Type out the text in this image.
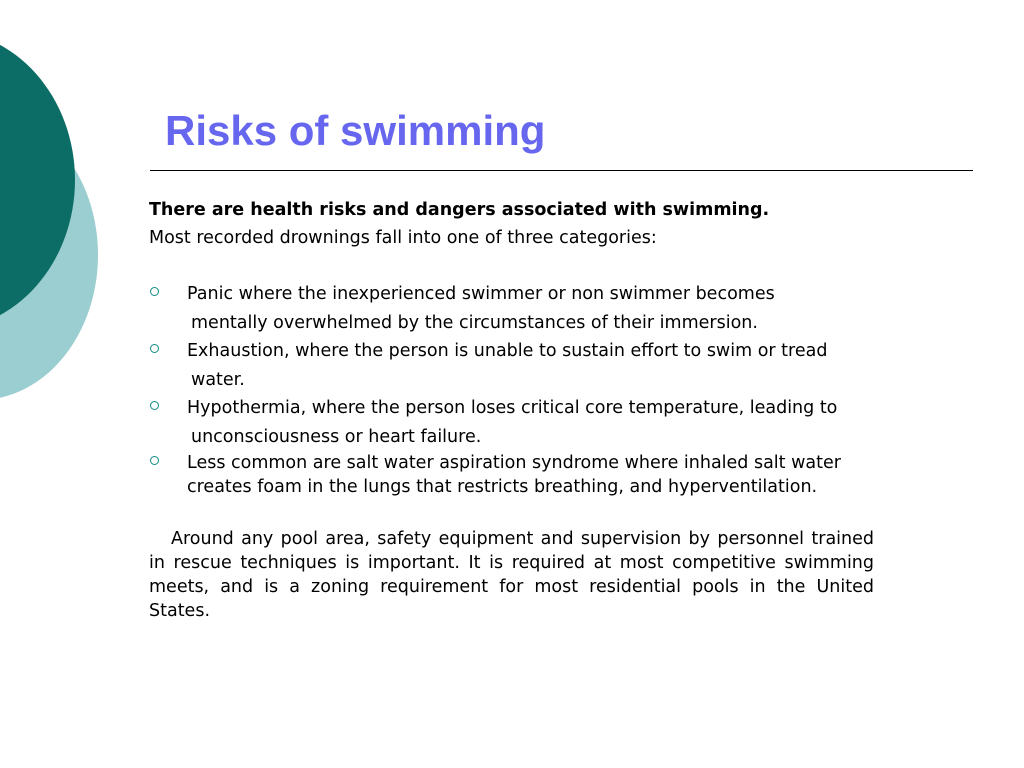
Risks of swimming

There are health risks and dangers associated with swimming.

Most recorded drownings fall into one of three categories:

Panic where the inexperienced swimmer or non swimmer becomes
mentally overwhelmed by the circumstances of their immersion.
Exhaustion, where the person is unable to sustain effort to swim or tread
water.
Hypothermia, where the person loses critical core temperature, leading to
unconsciousness or heart failure.
Less common are salt water aspiration syndrome where inhaled salt water
creates foam in the lungs that restricts breathing, and hyperventilation.

Around any pool area, safety equipment and supervision by personnel trained in rescue techniques is important. It is required at most competitive swimming meets, and is a zoning requirement for most residential pools in the United States.
